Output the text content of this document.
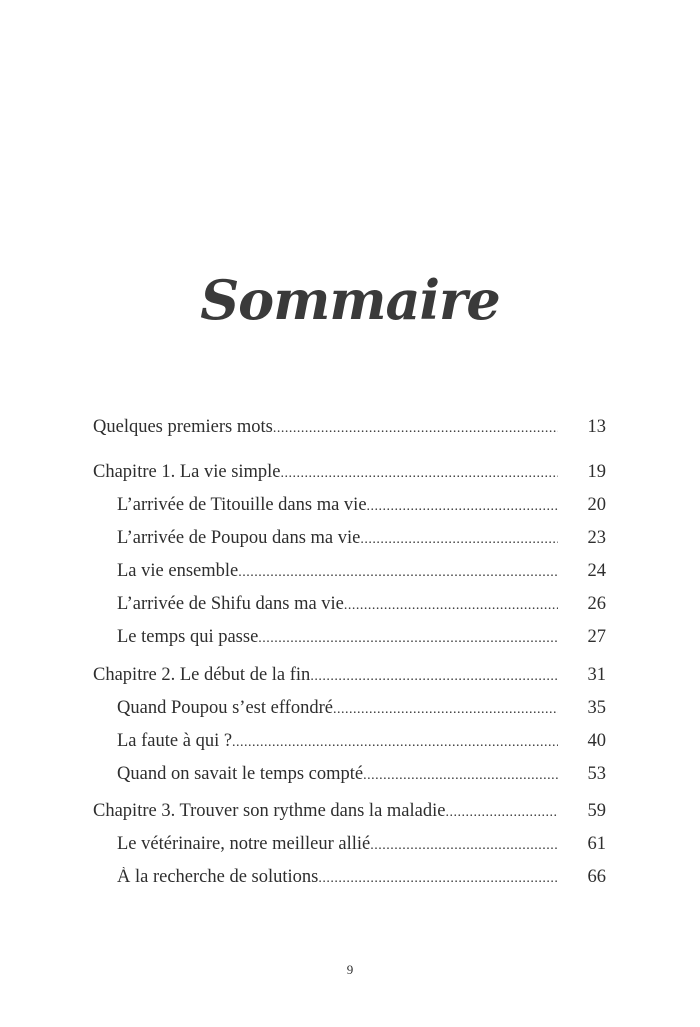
Sommaire
Quelques premiers mots .....	13
Chapitre 1. La vie simple .....	19
L’arrivée de Titouille dans ma vie .....	20
L’arrivée de Poupou dans ma vie .....	23
La vie ensemble .....	24
L’arrivée de Shifu dans ma vie .....	26
Le temps qui passe .....	27
Chapitre 2. Le début de la fin .....	31
Quand Poupou s’est effondré .....	35
La faute à qui ? .....	40
Quand on savait le temps compté .....	53
Chapitre 3. Trouver son rythme dans la maladie .....	59
Le vétérinaire, notre meilleur allié .....	61
À la recherche de solutions .....	66
9
